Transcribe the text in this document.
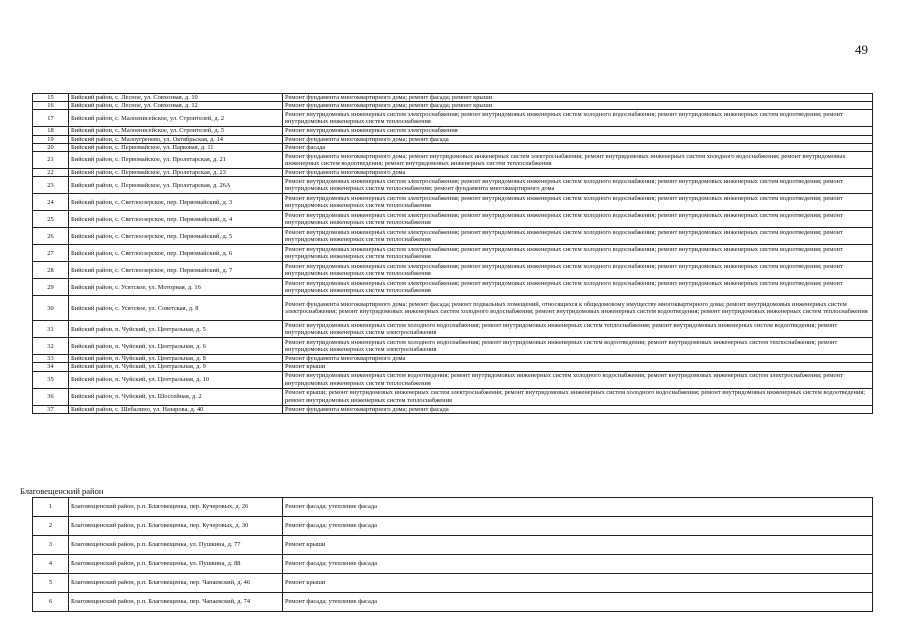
49
15	Бийский район, с. Лесное, ул. Совхозная, д. 10	Ремонт фундамента многоквартирного дома; ремонт фасада; ремонт крыши
16	Бийский район, с. Лесное, ул. Совхозная, д. 12	Ремонт фундамента многоквартирного дома; ремонт фасада; ремонт крыши
17	Бийский район, с. Малоенисейское, ул. Строителей, д. 2	Ремонт внутридомовых инженерных систем электроснабжения; ремонт внутридомовых инженерных систем холодного водоснабжения; ремонт внутридомовых инженерных систем водоотведения; ремонт внутридомовых инженерных систем теплоснабжения
18	Бийский район, с. Малоенисейское, ул. Строителей, д. 5	Ремонт внутридомовых инженерных систем электроснабжения
19	Бийский район, с. Малоугренево, ул. Октябрьская, д. 14	Ремонт фундамента многоквартирного дома; ремонт фасада
20	Бийский район, с. Первомайское, ул. Парковая, д. 11	Ремонт фасада
21	Бийский район, с. Первомайское, ул. Пролетарская, д. 21	Ремонт фундамента многоквартирного дома; ремонт внутридомовых инженерных систем электроснабжения; ремонт внутридомовых инженерных систем холодного водоснабжения; ремонт внутридомовых инженерных систем водоотведения; ремонт внутридомовых инженерных систем теплоснабжения
22	Бийский район, с. Первомайское, ул. Пролетарская, д. 23	Ремонт фундамента многоквартирного дома
23	Бийский район, с. Первомайское, ул. Пролетарская, д. 26А	Ремонт внутридомовых инженерных систем электроснабжения; ремонт внутридомовых инженерных систем холодного водоснабжения; ремонт внутридомовых инженерных систем водоотведения; ремонт внутридомовых инженерных систем теплоснабжения; ремонт фундамента многоквартирного дома
24	Бийский район, с. Светлоозерское, пер. Первомайский, д. 3	Ремонт внутридомовых инженерных систем электроснабжения; ремонт внутридомовых инженерных систем холодного водоснабжения; ремонт внутридомовых инженерных систем водоотведения; ремонт внутридомовых инженерных систем теплоснабжения
25	Бийский район, с. Светлоозерское, пер. Первомайский, д. 4	Ремонт внутридомовых инженерных систем электроснабжения; ремонт внутридомовых инженерных систем холодного водоснабжения; ремонт внутридомовых инженерных систем водоотведения; ремонт внутридомовых инженерных систем теплоснабжения
26	Бийский район, с. Светлоозерское, пер. Первомайский, д. 5	Ремонт внутридомовых инженерных систем электроснабжения; ремонт внутридомовых инженерных систем холодного водоснабжения; ремонт внутридомовых инженерных систем водоотведения; ремонт внутридомовых инженерных систем теплоснабжения
27	Бийский район, с. Светлоозерское, пер. Первомайский, д. 6	Ремонт внутридомовых инженерных систем электроснабжения; ремонт внутридомовых инженерных систем холодного водоснабжения; ремонт внутридомовых инженерных систем водоотведения; ремонт внутридомовых инженерных систем теплоснабжения
28	Бийский район, с. Светлоозерское, пер. Первомайский, д. 7	Ремонт внутридомовых инженерных систем электроснабжения; ремонт внутридомовых инженерных систем холодного водоснабжения; ремонт внутридомовых инженерных систем водоотведения; ремонт внутридомовых инженерных систем теплоснабжения
29	Бийский район, с. Усятское, ул. Моторная, д. 16	Ремонт внутридомовых инженерных систем электроснабжения; ремонт внутридомовых инженерных систем холодного водоснабжения; ремонт внутридомовых инженерных систем водоотведения; ремонт внутридомовых инженерных систем теплоснабжения
30	Бийский район, с. Усятское, ул. Советская, д. 8	Ремонт фундамента многоквартирного дома; ремонт фасада; ремонт подвальных помещений, относящихся к общедомовому имуществу многоквартирного дома; ремонт внутридомовых инженерных систем электроснабжения; ремонт внутридомовых инженерных систем холодного водоснабжения; ремонт внутридомовых инженерных систем водоотведения; ремонт внутридомовых инженерных систем теплоснабжения
31	Бийский район, п. Чуйский, ул. Центральная, д. 5	Ремонт внутридомовых инженерных систем холодного водоснабжения; ремонт внутридомовых инженерных систем теплоснабжения; ремонт внутридомовых инженерных систем водоотведения; ремонт внутридомовых инженерных систем электроснабжения
32	Бийский район, п. Чуйский, ул. Центральная, д. 6	Ремонт внутридомовых инженерных систем холодного водоснабжения; ремонт внутридомовых инженерных систем водоотведения; ремонт внутридомовых инженерных систем теплоснабжения; ремонт внутридомовых инженерных систем электроснабжения
33	Бийский район, п. Чуйский, ул. Центральная, д. 8	Ремонт фундамента многоквартирного дома
34	Бийский район, п. Чуйский, ул. Центральная, д. 9	Ремонт крыши
35	Бийский район, п. Чуйский, ул. Центральная, д. 10	Ремонт внутридомовых инженерных систем водоотведения; ремонт внутридомовых инженерных систем холодного водоснабжения; ремонт внутридомовых инженерных систем электроснабжения; ремонт внутридомовых инженерных систем теплоснабжения
36	Бийский район, п. Чуйский, ул. Шоссейная, д. 2	Ремонт крыши; ремонт внутридомовых инженерных систем электроснабжения; ремонт внутридомовых инженерных систем холодного водоснабжения; ремонт внутридомовых инженерных систем водоотведения; ремонт внутридомовых инженерных систем теплоснабжения
37	Бийский район, с. Шебалино, ул. Назарова, д. 40	Ремонт фундамента многоквартирного дома; ремонт фасада
Благовещенский район
1	Благовещенский район, р.п. Благовещенка, пер. Кучеровых, д. 26	Ремонт фасада; утепление фасада
2	Благовещенский район, р.п. Благовещенка, пер. Кучеровых, д. 30	Ремонт фасада; утепление фасада
3	Благовещенский район, р.п. Благовещенка, ул. Пушкина, д. 77	Ремонт крыши
4	Благовещенский район, р.п. Благовещенка, ул. Пушкина, д. 88	Ремонт фасада; утепление фасада
5	Благовещенский район, р.п. Благовещенка, пер. Чапаевский, д. 46	Ремонт крыши
6	Благовещенский район, р.п. Благовещенка, пер. Чапаевский, д. 74	Ремонт фасада; утепление фасада
